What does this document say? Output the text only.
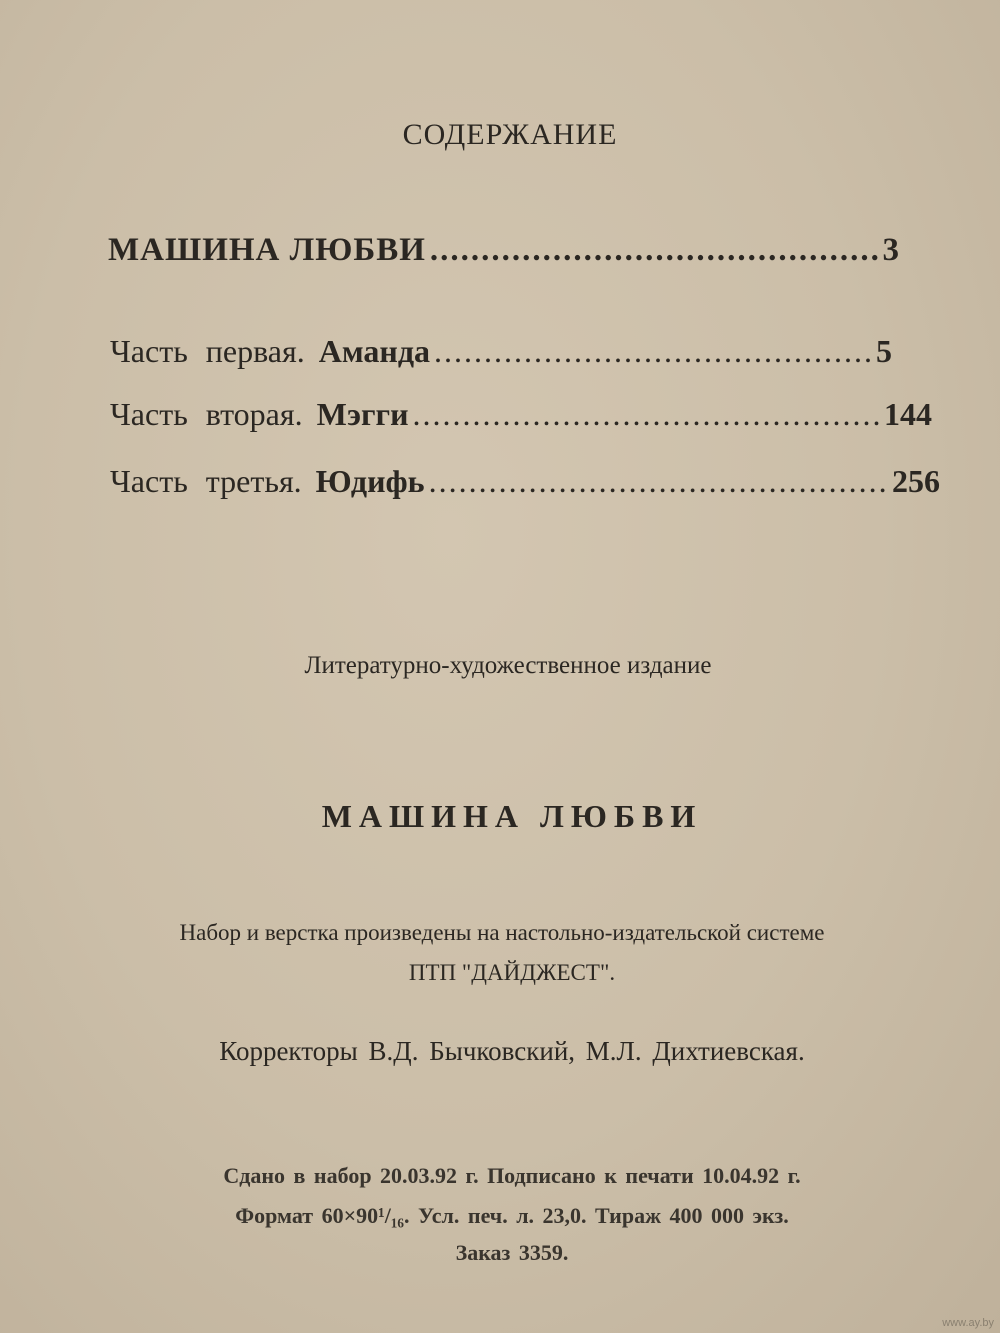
СОДЕРЖАНИЕ
МАШИНА ЛЮБВИ .....	3
Часть первая. Аманда .....	5
Часть вторая. Мэгги .....	144
Часть третья. Юдифь .....	256
Литературно-художественное издание
МАШИНА ЛЮБВИ
Набор и верстка произведены на настольно-издательской системе
ПТП "ДАЙДЖЕСТ".
Корректоры В.Д. Бычковский, М.Л. Дихтиевская.
Сдано в набор 20.03.92 г. Подписано к печати 10.04.92 г.
Формат 60×90¹/₁₆. Усл. печ. л. 23,0. Тираж 400 000 экз.
Заказ 3359.
www.ay.by
